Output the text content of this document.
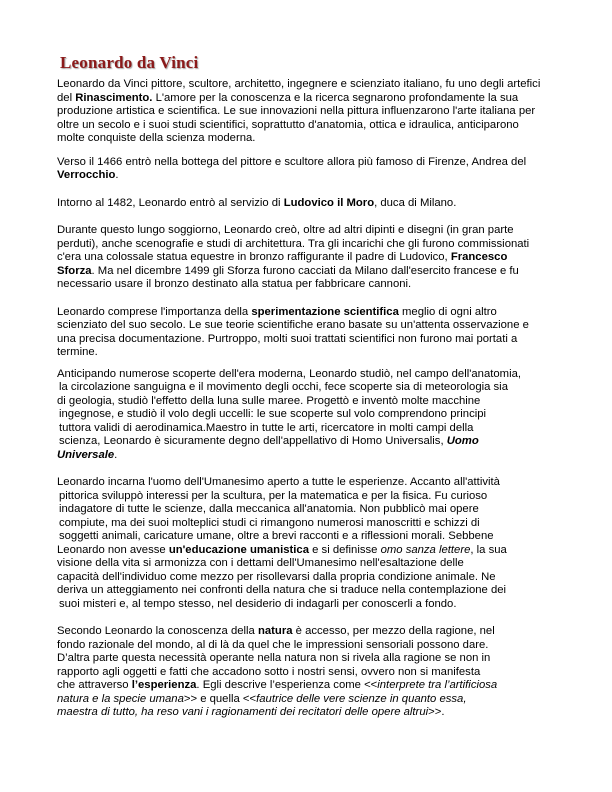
Leonardo da Vinci

Leonardo da Vinci pittore, scultore, architetto, ingegnere e scienziato italiano, fu uno degli artefici
del Rinascimento. L'amore per la conoscenza e la ricerca segnarono profondamente la sua
produzione artistica e scientifica. Le sue innovazioni nella pittura influenzarono l'arte italiana per
oltre un secolo e i suoi studi scientifici, soprattutto d'anatomia, ottica e idraulica, anticiparono
molte conquiste della scienza moderna.

Verso il 1466 entrò nella bottega del pittore e scultore allora più famoso di Firenze, Andrea del
Verrocchio.

Intorno al 1482, Leonardo entrò al servizio di Ludovico il Moro, duca di Milano.

Durante questo lungo soggiorno, Leonardo creò, oltre ad altri dipinti e disegni (in gran parte
perduti), anche scenografie e studi di architettura. Tra gli incarichi che gli furono commissionati
c'era una colossale statua equestre in bronzo raffigurante il padre di Ludovico, Francesco
Sforza. Ma nel dicembre 1499 gli Sforza furono cacciati da Milano dall'esercito francese e fu
necessario usare il bronzo destinato alla statua per fabbricare cannoni.

Leonardo comprese l'importanza della sperimentazione scientifica meglio di ogni altro
scienziato del suo secolo. Le sue teorie scientifiche erano basate su un'attenta osservazione e
una precisa documentazione. Purtroppo, molti suoi trattati scientifici non furono mai portati a
termine.

Anticipando numerose scoperte dell'era moderna, Leonardo studiò, nel campo dell'anatomia,
la circolazione sanguigna e il movimento degli occhi, fece scoperte sia di meteorologia sia
di geologia, studiò l'effetto della luna sulle maree. Progettò e inventò molte macchine
ingegnose, e studiò il volo degli uccelli: le sue scoperte sul volo comprendono principi
tuttora validi di aerodinamica.Maestro in tutte le arti, ricercatore in molti campi della
scienza, Leonardo è sicuramente degno dell'appellativo di Homo Universalis, Uomo
Universale.

Leonardo incarna l'uomo dell'Umanesimo aperto a tutte le esperienze. Accanto all'attività
pittorica sviluppò interessi per la scultura, per la matematica e per la fisica. Fu curioso
indagatore di tutte le scienze, dalla meccanica all'anatomia. Non pubblicò mai opere
compiute, ma dei suoi molteplici studi ci rimangono numerosi manoscritti e schizzi di
soggetti animali, caricature umane, oltre a brevi racconti e a riflessioni morali. Sebbene
Leonardo non avesse un'educazione umanistica e si definisse omo sanza lettere, la sua
visione della vita si armonizza con i dettami dell'Umanesimo nell'esaltazione delle
capacità dell'individuo come mezzo per risollevarsi dalla propria condizione animale. Ne
deriva un atteggiamento nei confronti della natura che si traduce nella contemplazione dei
suoi misteri e, al tempo stesso, nel desiderio di indagarli per conoscerli a fondo.

Secondo Leonardo la conoscenza della natura è accesso, per mezzo della ragione, nel
fondo razionale del mondo, al di là da quel che le impressioni sensoriali possono dare.
D’altra parte questa necessità operante nella natura non si rivela alla ragione se non in
rapporto agli oggetti e fatti che accadono sotto i nostri sensi, ovvero non si manifesta
che attraverso l’esperienza. Egli descrive l’esperienza come <<interprete tra l’artificiosa
natura e la specie umana>> e quella <<fautrice delle vere scienze in quanto essa,
maestra di tutto, ha reso vani i ragionamenti dei recitatori delle opere altrui>>.
